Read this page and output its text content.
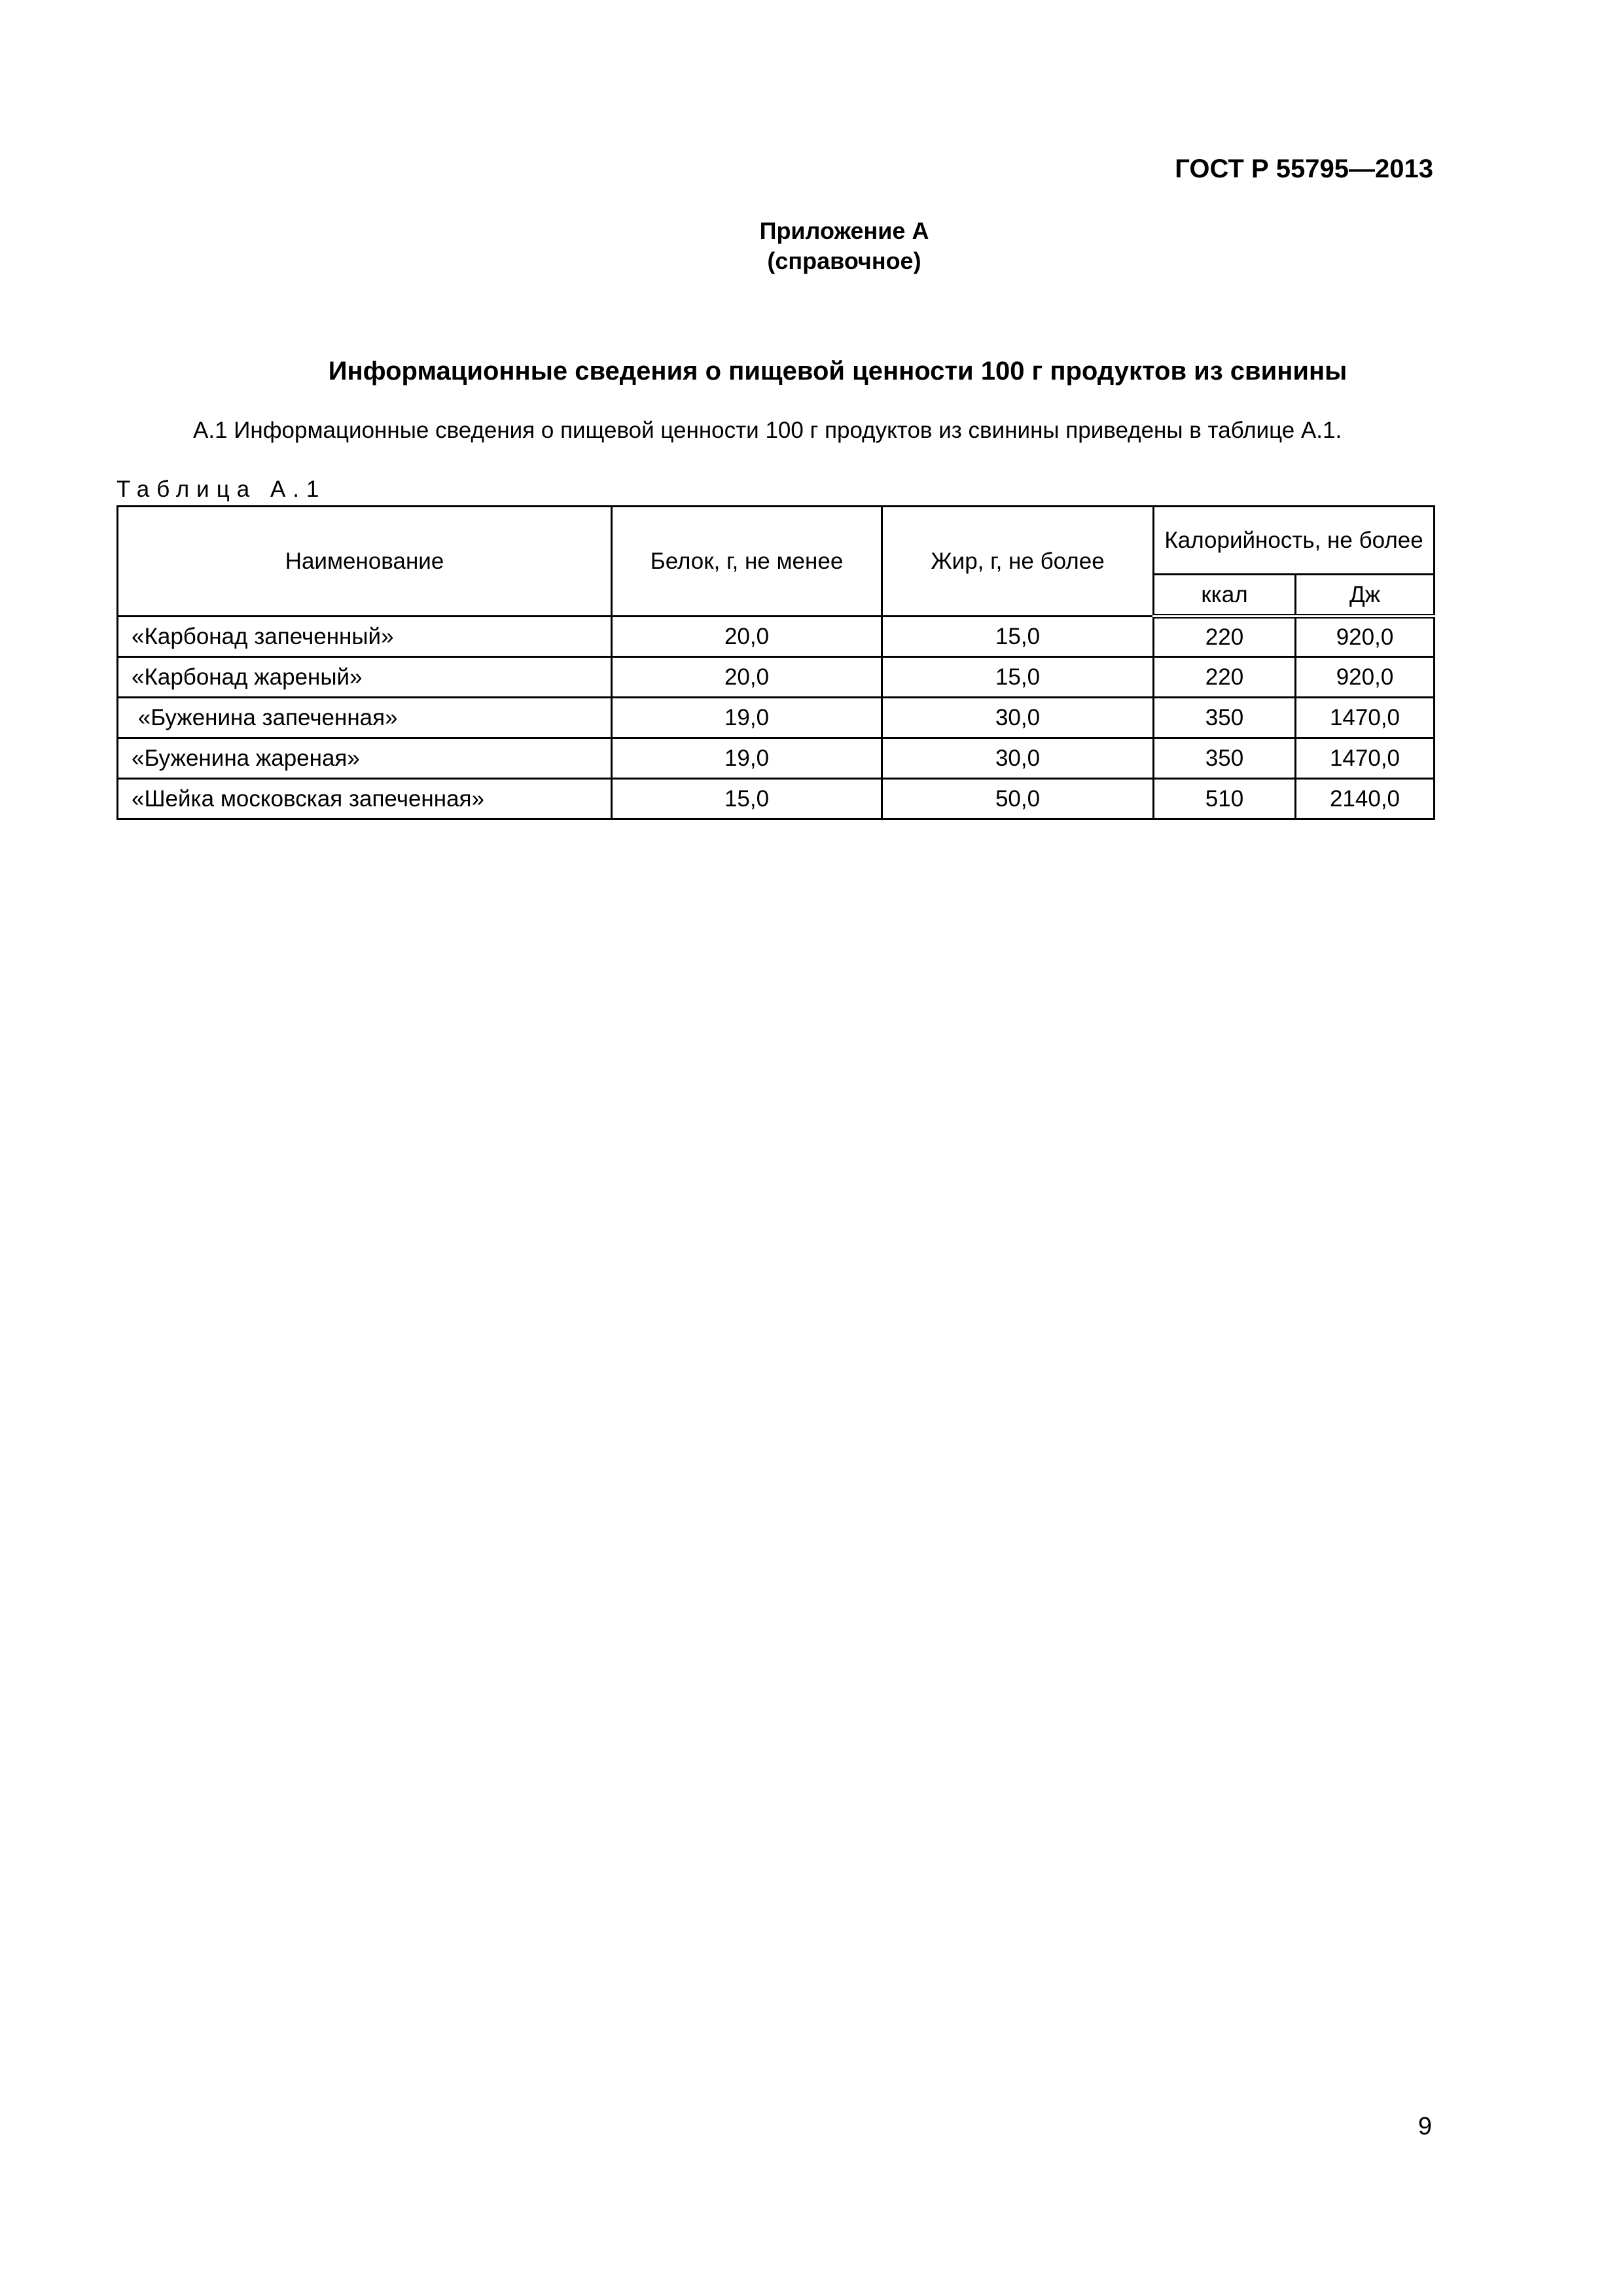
ГОСТ Р 55795—2013
Приложение А
(справочное)
Информационные сведения о пищевой ценности 100 г продуктов из свинины
А.1 Информационные сведения о пищевой ценности 100 г продуктов из свинины приведены в таблице А.1.
Таблица А.1
Наименование	Белок, г, не менее	Жир, г, не более	Калорийность, не более	
			ккал	Дж
«Карбонад запеченный»	20,0	15,0	220	920,0
«Карбонад жареный»	20,0	15,0	220	920,0
«Буженина запеченная»	19,0	30,0	350	1470,0
«Буженина жареная»	19,0	30,0	350	1470,0
«Шейка московская запеченная»	15,0	50,0	510	2140,0
9
